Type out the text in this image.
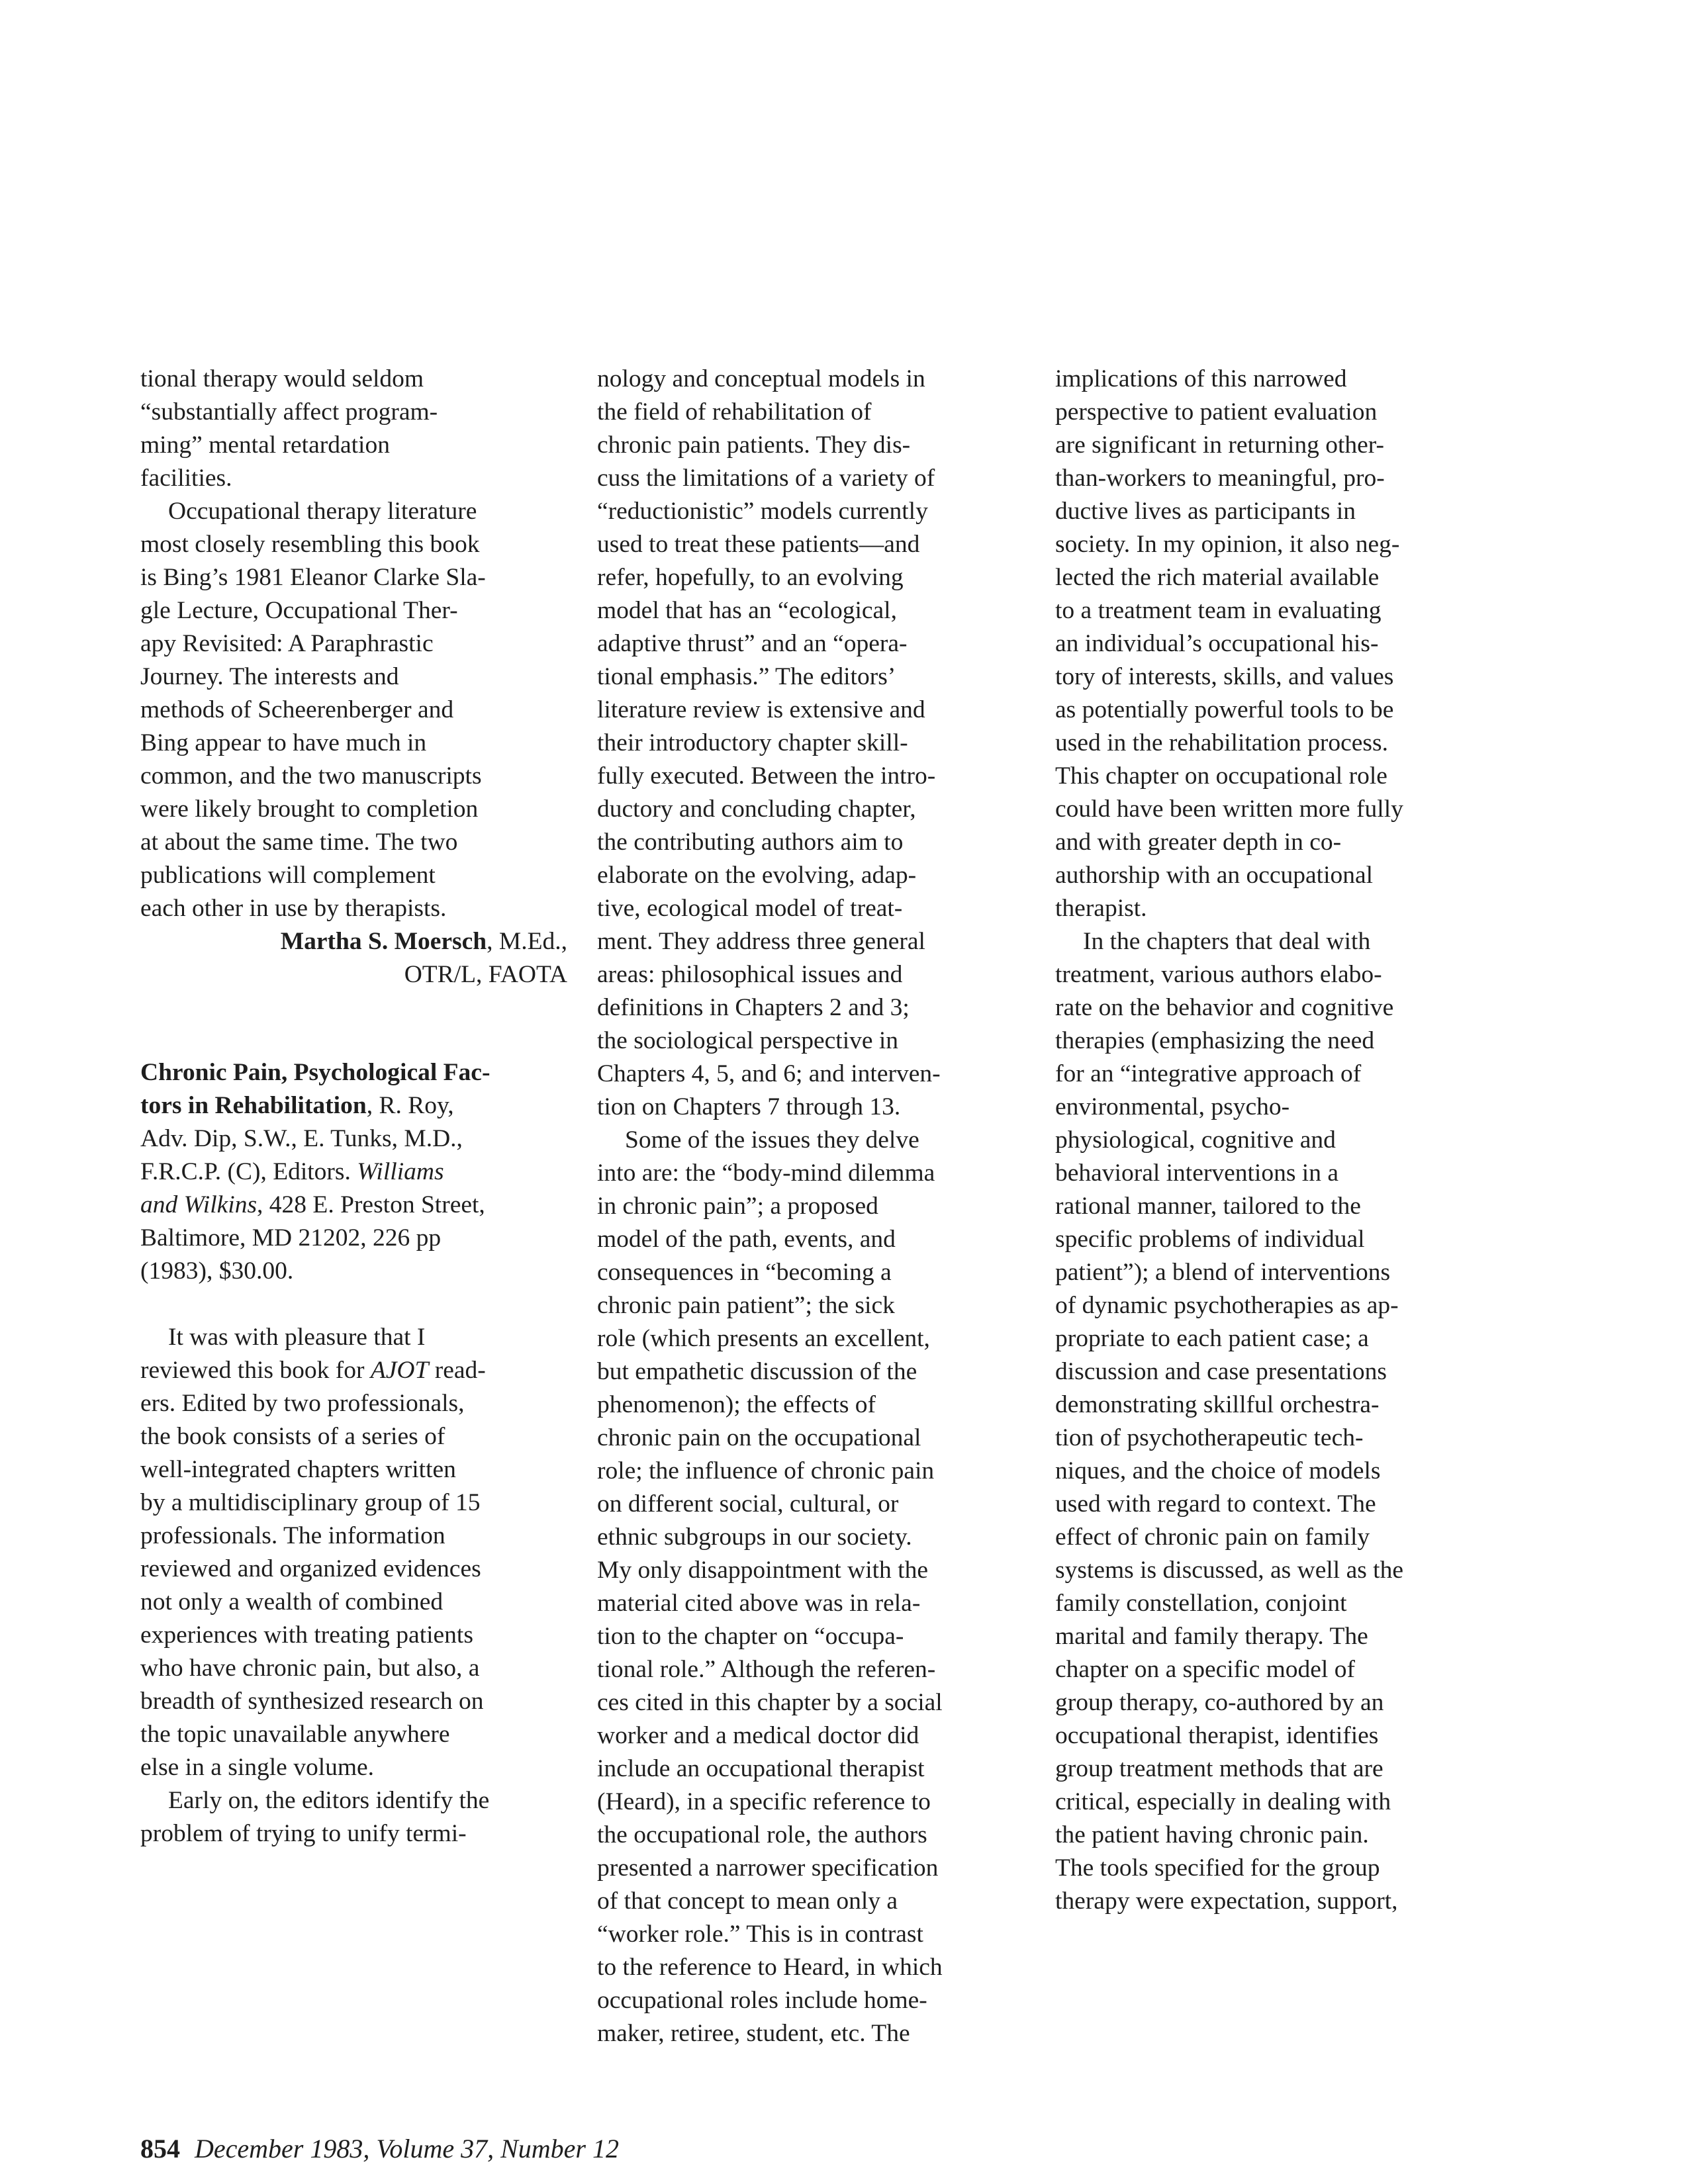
tional therapy would seldom
“substantially affect program-
ming” mental retardation
facilities.
Occupational therapy literature
most closely resembling this book
is Bing’s 1981 Eleanor Clarke Sla-
gle Lecture, Occupational Ther-
apy Revisited: A Paraphrastic
Journey. The interests and
methods of Scheerenberger and
Bing appear to have much in
common, and the two manuscripts
were likely brought to completion
at about the same time. The two
publications will complement
each other in use by therapists.
Martha S. Moersch, M.Ed.,
OTR/L, FAOTA
Chronic Pain, Psychological Fac-
tors in Rehabilitation, R. Roy,
Adv. Dip, S.W., E. Tunks, M.D.,
F.R.C.P. (C), Editors. Williams
and Wilkins, 428 E. Preston Street,
Baltimore, MD 21202, 226 pp
(1983), $30.00.
It was with pleasure that I
reviewed this book for AJOT read-
ers. Edited by two professionals,
the book consists of a series of
well-integrated chapters written
by a multidisciplinary group of 15
professionals. The information
reviewed and organized evidences
not only a wealth of combined
experiences with treating patients
who have chronic pain, but also, a
breadth of synthesized research on
the topic unavailable anywhere
else in a single volume.
Early on, the editors identify the
problem of trying to unify termi-
nology and conceptual models in
the field of rehabilitation of
chronic pain patients. They dis-
cuss the limitations of a variety of
“reductionistic” models currently
used to treat these patients—and
refer, hopefully, to an evolving
model that has an “ecological,
adaptive thrust” and an “opera-
tional emphasis.” The editors’
literature review is extensive and
their introductory chapter skill-
fully executed. Between the intro-
ductory and concluding chapter,
the contributing authors aim to
elaborate on the evolving, adap-
tive, ecological model of treat-
ment. They address three general
areas: philosophical issues and
definitions in Chapters 2 and 3;
the sociological perspective in
Chapters 4, 5, and 6; and interven-
tion on Chapters 7 through 13.
Some of the issues they delve
into are: the “body-mind dilemma
in chronic pain”; a proposed
model of the path, events, and
consequences in “becoming a
chronic pain patient”; the sick
role (which presents an excellent,
but empathetic discussion of the
phenomenon); the effects of
chronic pain on the occupational
role; the influence of chronic pain
on different social, cultural, or
ethnic subgroups in our society.
My only disappointment with the
material cited above was in rela-
tion to the chapter on “occupa-
tional role.” Although the referen-
ces cited in this chapter by a social
worker and a medical doctor did
include an occupational therapist
(Heard), in a specific reference to
the occupational role, the authors
presented a narrower specification
of that concept to mean only a
“worker role.” This is in contrast
to the reference to Heard, in which
occupational roles include home-
maker, retiree, student, etc. The
implications of this narrowed
perspective to patient evaluation
are significant in returning other-
than-workers to meaningful, pro-
ductive lives as participants in
society. In my opinion, it also neg-
lected the rich material available
to a treatment team in evaluating
an individual’s occupational his-
tory of interests, skills, and values
as potentially powerful tools to be
used in the rehabilitation process.
This chapter on occupational role
could have been written more fully
and with greater depth in co-
authorship with an occupational
therapist.
In the chapters that deal with
treatment, various authors elabo-
rate on the behavior and cognitive
therapies (emphasizing the need
for an “integrative approach of
environmental, psycho-
physiological, cognitive and
behavioral interventions in a
rational manner, tailored to the
specific problems of individual
patient”); a blend of interventions
of dynamic psychotherapies as ap-
propriate to each patient case; a
discussion and case presentations
demonstrating skillful orchestra-
tion of psychotherapeutic tech-
niques, and the choice of models
used with regard to context. The
effect of chronic pain on family
systems is discussed, as well as the
family constellation, conjoint
marital and family therapy. The
chapter on a specific model of
group therapy, co-authored by an
occupational therapist, identifies
group treatment methods that are
critical, especially in dealing with
the patient having chronic pain.
The tools specified for the group
therapy were expectation, support,
854 December 1983, Volume 37, Number 12
